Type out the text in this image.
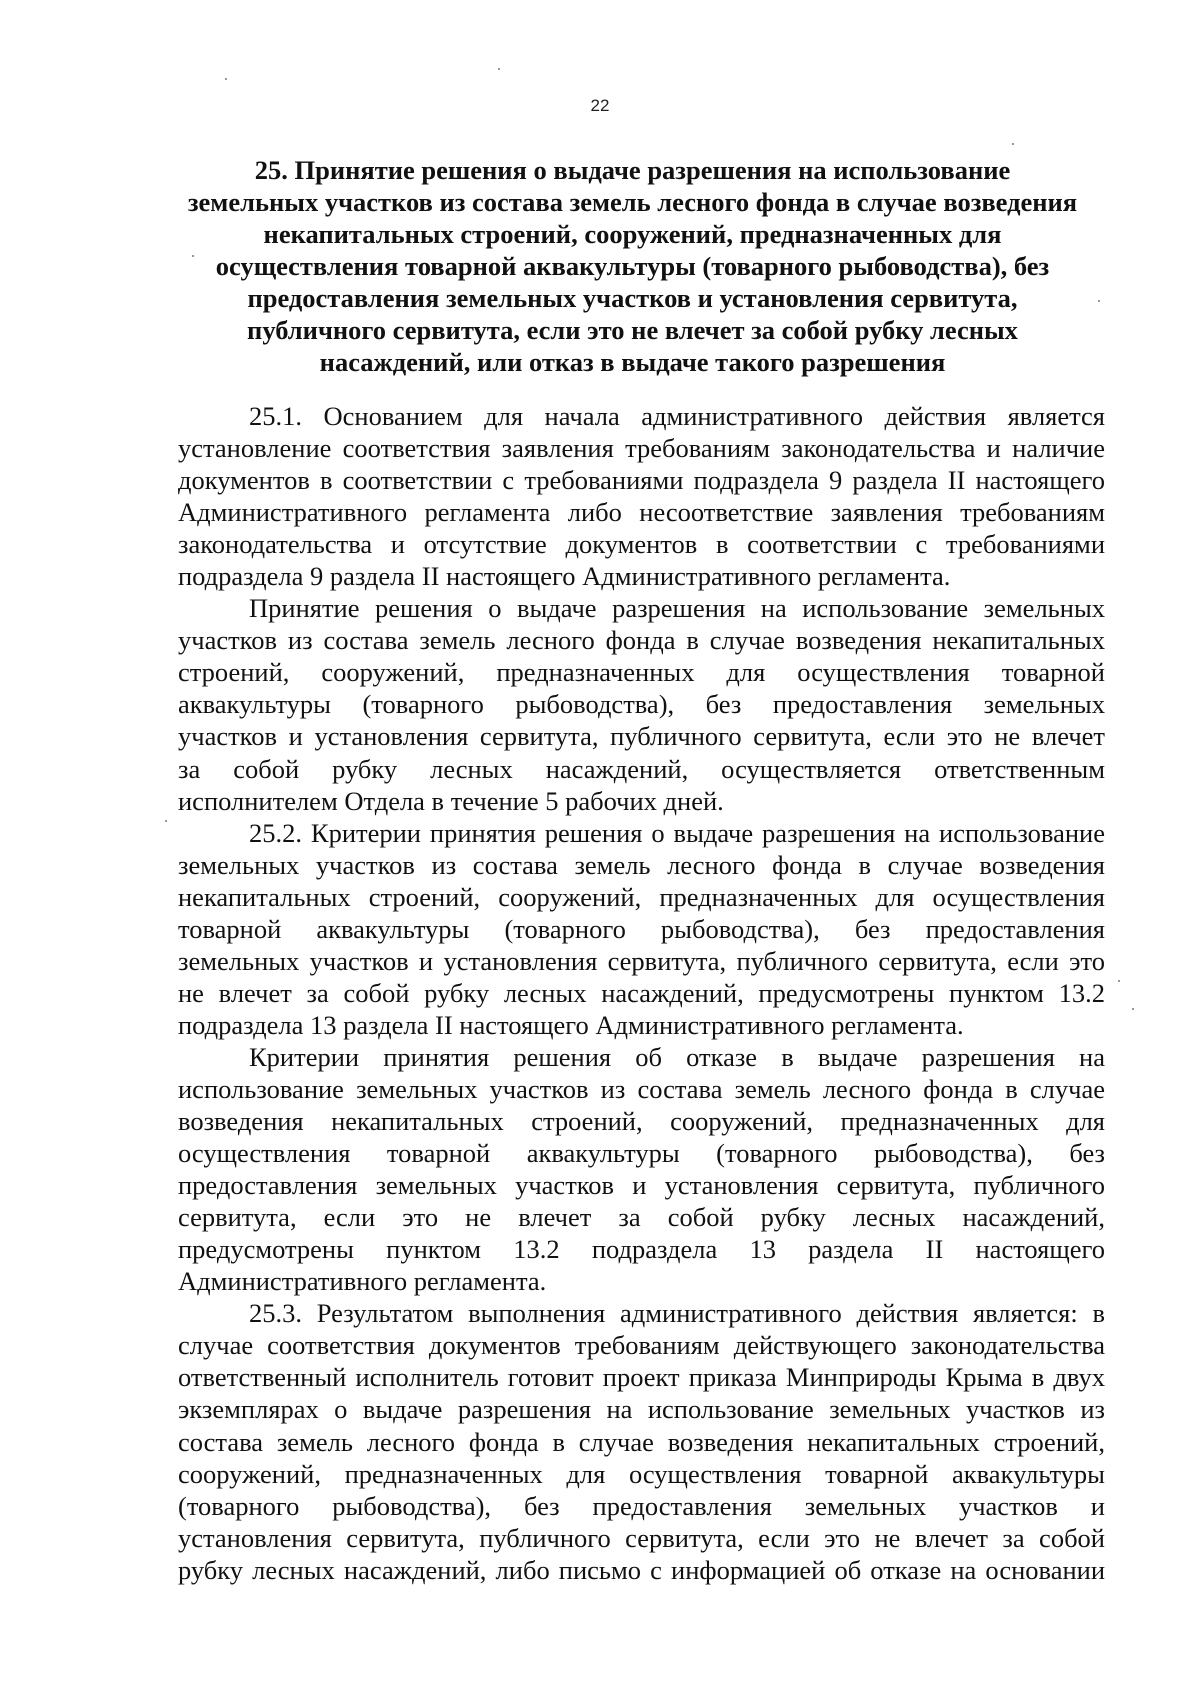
22
25. Принятие решения о выдаче разрешения на использование
земельных участков из состава земель лесного фонда в случае возведения
некапитальных строений, сооружений, предназначенных для
осуществления товарной аквакультуры (товарного рыбоводства), без
предоставления земельных участков и установления сервитута,
публичного сервитута, если это не влечет за собой рубку лесных
насаждений, или отказ в выдаче такого разрешения

25.1. Основанием для начала административного действия является
установление соответствия заявления требованиям законодательства и наличие
документов в соответствии с требованиями подраздела 9 раздела II настоящего
Административного регламента либо несоответствие заявления требованиям
законодательства и отсутствие документов в соответствии с требованиями
подраздела 9 раздела II настоящего Административного регламента.

Принятие решения о выдаче разрешения на использование земельных
участков из состава земель лесного фонда в случае возведения некапитальных
строений, сооружений, предназначенных для осуществления товарной
аквакультуры (товарного рыбоводства), без предоставления земельных
участков и установления сервитута, публичного сервитута, если это не влечет
за собой рубку лесных насаждений, осуществляется ответственным
исполнителем Отдела в течение 5 рабочих дней.

25.2. Критерии принятия решения о выдаче разрешения на использование
земельных участков из состава земель лесного фонда в случае возведения
некапитальных строений, сооружений, предназначенных для осуществления
товарной аквакультуры (товарного рыбоводства), без предоставления
земельных участков и установления сервитута, публичного сервитута, если это
не влечет за собой рубку лесных насаждений, предусмотрены пунктом 13.2
подраздела 13 раздела II настоящего Административного регламента.

Критерии принятия решения об отказе в выдаче разрешения на
использование земельных участков из состава земель лесного фонда в случае
возведения некапитальных строений, сооружений, предназначенных для
осуществления товарной аквакультуры (товарного рыбоводства), без
предоставления земельных участков и установления сервитута, публичного
сервитута, если это не влечет за собой рубку лесных насаждений,
предусмотрены пунктом 13.2 подраздела 13 раздела II настоящего
Административного регламента.

25.3. Результатом выполнения административного действия является: в
случае соответствия документов требованиям действующего законодательства
ответственный исполнитель готовит проект приказа Минприроды Крыма в двух
экземплярах о выдаче разрешения на использование земельных участков из
состава земель лесного фонда в случае возведения некапитальных строений,
сооружений, предназначенных для осуществления товарной аквакультуры
(товарного рыбоводства), без предоставления земельных участков и
установления сервитута, публичного сервитута, если это не влечет за собой
рубку лесных насаждений, либо письмо с информацией об отказе на основании
